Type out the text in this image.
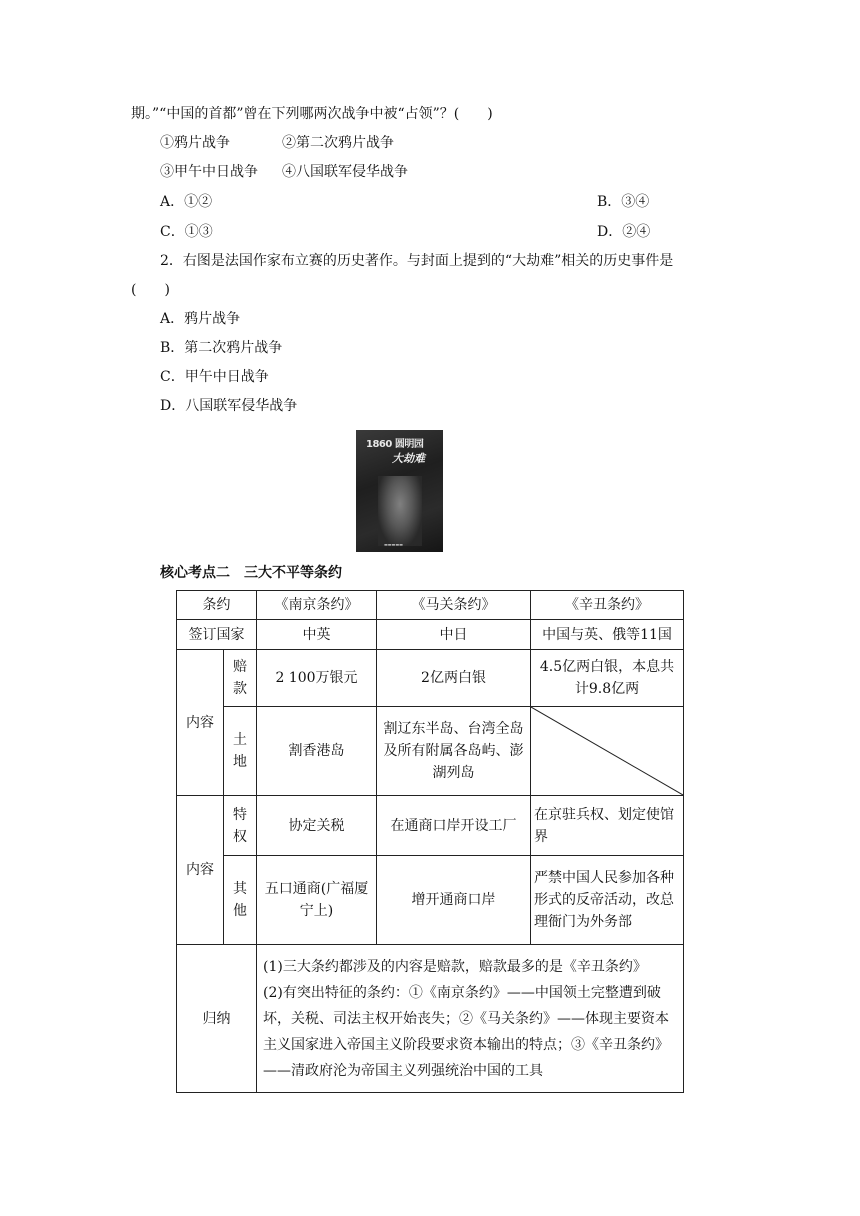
期。”“中国的首都”曾在下列哪两次战争中被“占领”？(　　)
①鸦片战争	②第二次鸦片战争
③甲午中日战争 ④八国联军侵华战争
A．①②	B．③④
C．①③	D．②④
2．右图是法国作家布立赛的历史著作。与封面上提到的“大劫难”相关的历史事件是
(　　)
A．鸦片战争
B．第二次鸦片战争
C．甲午中日战争
D．八国联军侵华战争
1860 圆明园
大劫难
▬▬▬▬▬
核心考点二　三大不平等条约
条约		《南京条约》	《马关条约》	《辛丑条约》
签订国家		中英	中日	中国与英、俄等11国
内容	赔款	2 100万银元	2亿两白银	4.5亿两白银，本息共计9.8亿两
	土地	割香港岛	割辽东半岛、台湾全岛及所有附属各岛屿、澎湖列岛	

内容	特权	协定关税	在通商口岸开设工厂	在京驻兵权、划定使馆界
	其他	五口通商(广福厦宁上)	增开通商口岸	严禁中国人民参加各种形式的反帝活动，改总理衙门为外务部
归纳		(1)三大条约都涉及的内容是赔款，赔款最多的是《辛丑条约》
(2)有突出特征的条约：①《南京条约》——中国领土完整遭到破坏，关税、司法主权开始丧失；②《马关条约》——体现主要资本主义国家进入帝国主义阶段要求资本输出的特点；③《辛丑条约》——清政府沦为帝国主义列强统治中国的工具		
